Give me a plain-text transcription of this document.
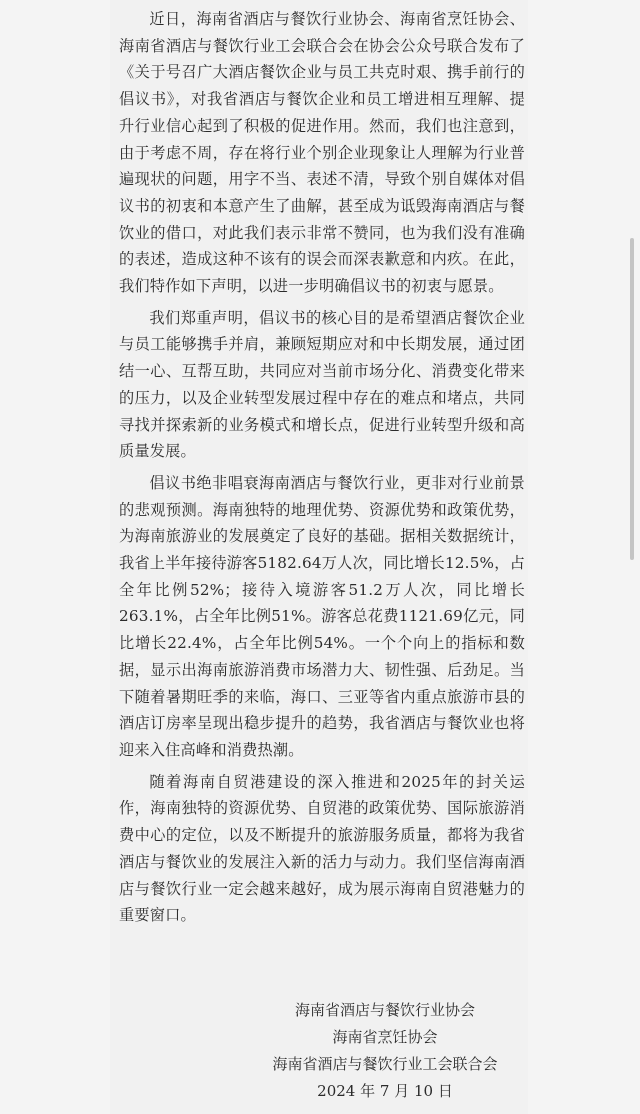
近日，海南省酒店与餐饮行业协会、海南省烹饪协会、海南省酒店与餐饮行业工会联合会在协会公众号联合发布了《关于号召广大酒店餐饮企业与员工共克时艰、携手前行的倡议书》，对我省酒店与餐饮企业和员工增进相互理解、提升行业信心起到了积极的促进作用。然而，我们也注意到，由于考虑不周，存在将行业个别企业现象让人理解为行业普遍现状的问题，用字不当、表述不清，导致个别自媒体对倡议书的初衷和本意产生了曲解，甚至成为诋毁海南酒店与餐饮业的借口，对此我们表示非常不赞同，也为我们没有准确的表述，造成这种不该有的误会而深表歉意和内疚。在此，我们特作如下声明，以进一步明确倡议书的初衷与愿景。

我们郑重声明，倡议书的核心目的是希望酒店餐饮企业与员工能够携手并肩，兼顾短期应对和中长期发展，通过团结一心、互帮互助，共同应对当前市场分化、消费变化带来的压力，以及企业转型发展过程中存在的难点和堵点，共同寻找并探索新的业务模式和增长点，促进行业转型升级和高质量发展。

倡议书绝非唱衰海南酒店与餐饮行业，更非对行业前景的悲观预测。海南独特的地理优势、资源优势和政策优势，为海南旅游业的发展奠定了良好的基础。据相关数据统计，我省上半年接待游客5182.64万人次，同比增长12.5%，占全年比例52%；接待入境游客51.2万人次，同比增长263.1%，占全年比例51%。游客总花费1121.69亿元，同比增长22.4%，占全年比例54%。一个个向上的指标和数据，显示出海南旅游消费市场潜力大、韧性强、后劲足。当下随着暑期旺季的来临，海口、三亚等省内重点旅游市县的酒店订房率呈现出稳步提升的趋势，我省酒店与餐饮业也将迎来入住高峰和消费热潮。

随着海南自贸港建设的深入推进和2025年的封关运作，海南独特的资源优势、自贸港的政策优势、国际旅游消费中心的定位，以及不断提升的旅游服务质量，都将为我省酒店与餐饮业的发展注入新的活力与动力。我们坚信海南酒店与餐饮行业一定会越来越好，成为展示海南自贸港魅力的重要窗口。

海南省酒店与餐饮行业协会
海南省烹饪协会
海南省酒店与餐饮行业工会联合会
2024 年 7 月 10 日
